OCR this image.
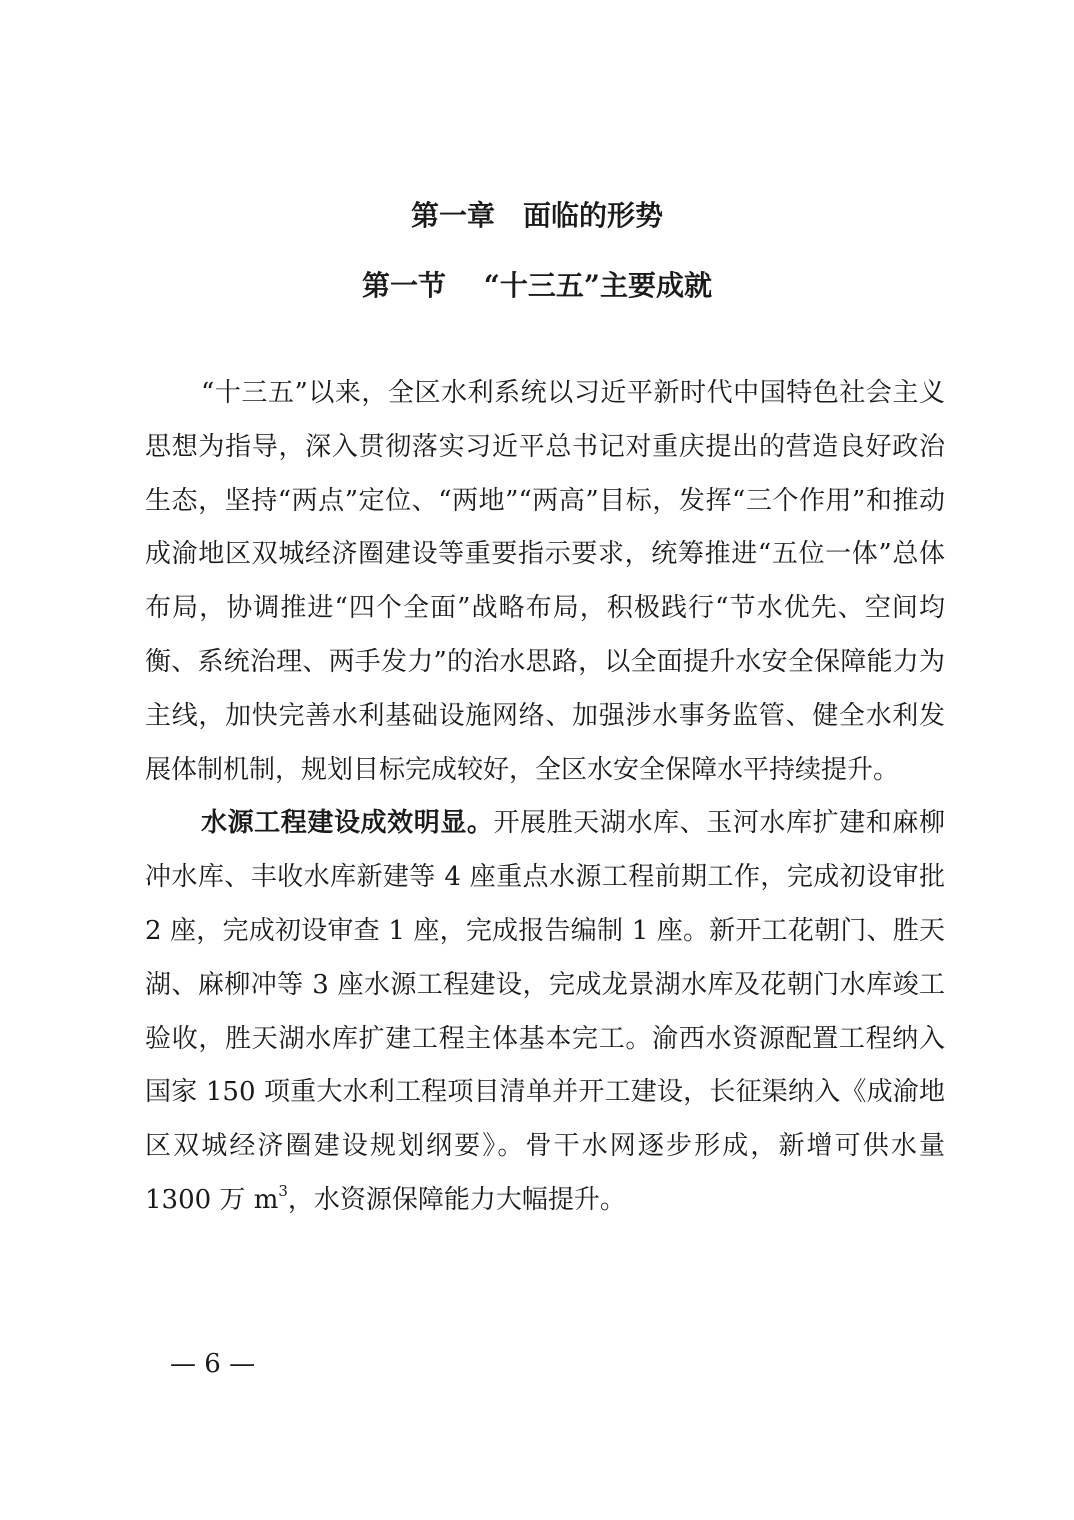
第一章　面临的形势
第一节　 “十三五”主要成就

“十三五”以来，全区水利系统以习近平新时代中国特色社会主义思想为指导，深入贯彻落实习近平总书记对重庆提出的营造良好政治生态，坚持“两点”定位、“两地”“两高”目标，发挥“三个作用”和推动成渝地区双城经济圈建设等重要指示要求，统筹推进“五位一体”总体布局，协调推进“四个全面”战略布局，积极践行“节水优先、空间均衡、系统治理、两手发力”的治水思路，以全面提升水安全保障能力为主线，加快完善水利基础设施网络、加强涉水事务监管、健全水利发展体制机制，规划目标完成较好，全区水安全保障水平持续提升。

水源工程建设成效明显。开展胜天湖水库、玉河水库扩建和麻柳冲水库、丰收水库新建等 4 座重点水源工程前期工作，完成初设审批 2 座，完成初设审查 1 座，完成报告编制 1 座。新开工花朝门、胜天湖、麻柳冲等 3 座水源工程建设，完成龙景湖水库及花朝门水库竣工验收，胜天湖水库扩建工程主体基本完工。渝西水资源配置工程纳入国家 150 项重大水利工程项目清单并开工建设，长征渠纳入《成渝地区双城经济圈建设规划纲要》。骨干水网逐步形成，新增可供水量 1300 万 $m^3$，水资源保障能力大幅提升。

— 6 —
